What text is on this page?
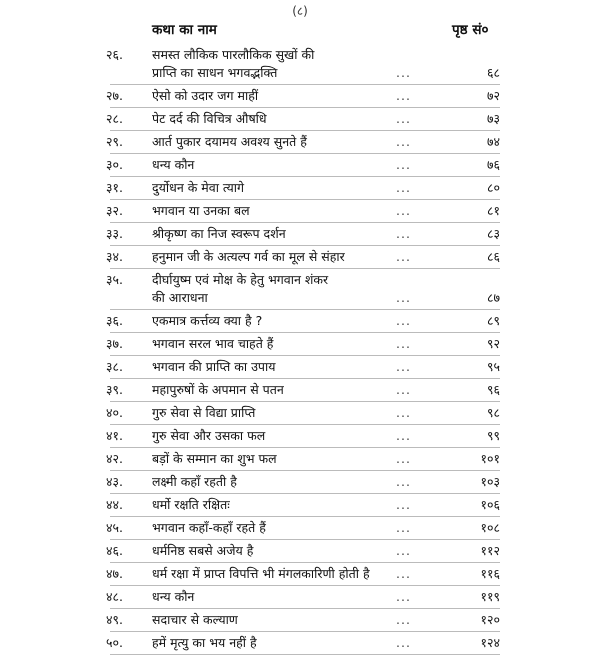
(८)
कथा का नाम	पृष्ठ सं०
२६.	समस्त लौकिक पारलौकिक सुखों की
प्राप्ति का साधन भगवद्भक्ति	...	६८
२७.	ऐसो को उदार जग माहीं	...	७२
२८.	पेट दर्द की विचित्र औषधि	...	७३
२९.	आर्त पुकार दयामय अवश्य सुनते हैं	...	७४
३०.	धन्य कौन	...	७६
३१.	दुर्योधन के मेवा त्यागे	...	८०
३२.	भगवान या उनका बल	...	८१
३३.	श्रीकृष्ण का निज स्वरूप दर्शन	...	८३
३४.	हनुमान जी के अत्यल्प गर्व का मूल से संहार	...	८६
३५.	दीर्घायुष्म एवं मोक्ष के हेतु भगवान शंकर
की आराधना	...	८७
३६.	एकमात्र कर्त्तव्य क्या है ?	...	८९
३७.	भगवान सरल भाव चाहते हैं	...	९२
३८.	भगवान की प्राप्ति का उपाय	...	९५
३९.	महापुरुषों के अपमान से पतन	...	९६
४०.	गुरु सेवा से विद्या प्राप्ति	...	९८
४१.	गुरु सेवा और उसका फल	...	९९
४२.	बड़ों के सम्मान का शुभ फल	...	१०१
४३.	लक्ष्मी कहाँ रहती है	...	१०३
४४.	धर्मो रक्षति रक्षितः	...	१०६
४५.	भगवान कहाँ-कहाँ रहते हैं	...	१०८
४६.	धर्मनिष्ठ सबसे अजेय है	...	११२
४७.	धर्म रक्षा में प्राप्त विपत्ति भी मंगलकारिणी होती है	...	११६
४८.	धन्य कौन	...	११९
४९.	सदाचार से कल्याण	...	१२०
५०.	हमें मृत्यु का भय नहीं है	...	१२४
